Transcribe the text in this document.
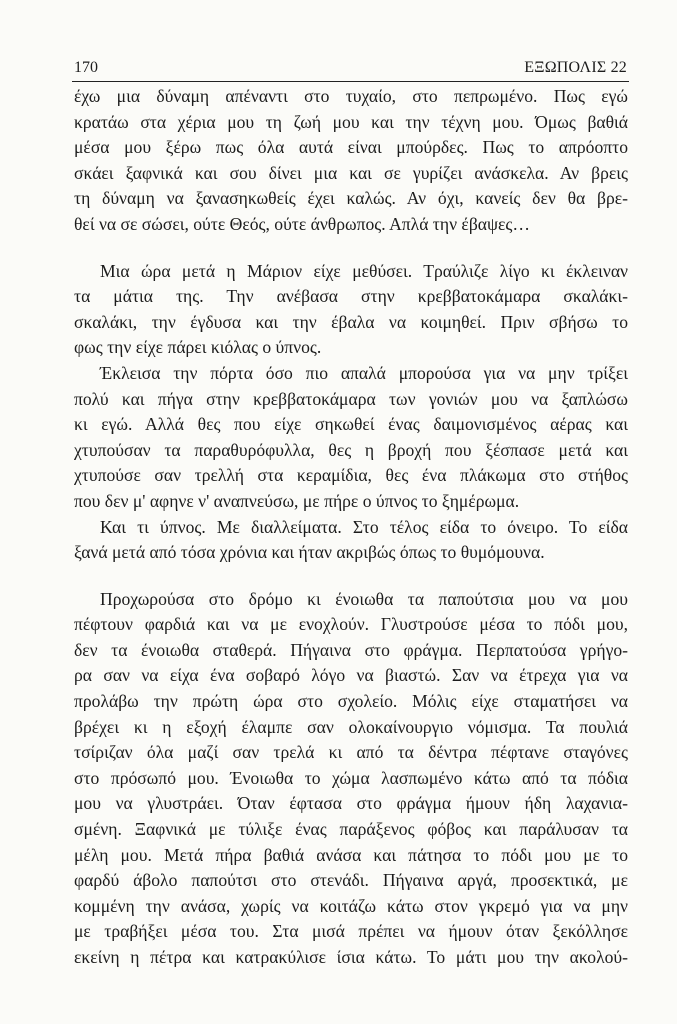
170	ΕΞΩΠΟΛΙΣ 22
έχω μια δύναμη απέναντι στο τυχαίο, στο πεπρωμένο. Πως εγώ
κρατάω στα χέρια μου τη ζωή μου και την τέχνη μου. Όμως βαθιά
μέσα μου ξέρω πως όλα αυτά είναι μπούρδες. Πως το απρόοπτο
σκάει ξαφνικά και σου δίνει μια και σε γυρίζει ανάσκελα. Αν βρεις
τη δύναμη να ξανασηκωθείς έχει καλώς. Αν όχι, κανείς δεν θα βρε-
θεί να σε σώσει, ούτε Θεός, ούτε άνθρωπος. Απλά την έβαψες…
Μια ώρα μετά η Μάριον είχε μεθύσει. Τραύλιζε λίγο κι έκλειναν
τα μάτια της. Την ανέβασα στην κρεββατοκάμαρα σκαλάκι-
σκαλάκι, την έγδυσα και την έβαλα να κοιμηθεί. Πριν σβήσω το
φως την είχε πάρει κιόλας ο ύπνος.
Έκλεισα την πόρτα όσο πιο απαλά μπορούσα για να μην τρίξει
πολύ και πήγα στην κρεββατοκάμαρα των γονιών μου να ξαπλώσω
κι εγώ. Αλλά θες που είχε σηκωθεί ένας δαιμονισμένος αέρας και
χτυπούσαν τα παραθυρόφυλλα, θες η βροχή που ξέσπασε μετά και
χτυπούσε σαν τρελλή στα κεραμίδια, θες ένα πλάκωμα στο στήθος
που δεν μ' αφηνε ν' αναπνεύσω, με πήρε ο ύπνος το ξημέρωμα.
Και τι ύπνος. Με διαλλείματα. Στο τέλος είδα το όνειρο. Το είδα
ξανά μετά από τόσα χρόνια και ήταν ακριβώς όπως το θυμόμουνα.
Προχωρούσα στο δρόμο κι ένοιωθα τα παπούτσια μου να μου
πέφτουν φαρδιά και να με ενοχλούν. Γλυστρούσε μέσα το πόδι μου,
δεν τα ένοιωθα σταθερά. Πήγαινα στο φράγμα. Περπατούσα γρήγο-
ρα σαν να είχα ένα σοβαρό λόγο να βιαστώ. Σαν να έτρεχα για να
προλάβω την πρώτη ώρα στο σχολείο. Μόλις είχε σταματήσει να
βρέχει κι η εξοχή έλαμπε σαν ολοκαίνουργιο νόμισμα. Τα πουλιά
τσίριζαν όλα μαζί σαν τρελά κι από τα δέντρα πέφτανε σταγόνες
στο πρόσωπό μου. Ένοιωθα το χώμα λασπωμένο κάτω από τα πόδια
μου να γλυστράει. Όταν έφτασα στο φράγμα ήμουν ήδη λαχανια-
σμένη. Ξαφνικά με τύλιξε ένας παράξενος φόβος και παράλυσαν τα
μέλη μου. Μετά πήρα βαθιά ανάσα και πάτησα το πόδι μου με το
φαρδύ άβολο παπούτσι στο στενάδι. Πήγαινα αργά, προσεκτικά, με
κομμένη την ανάσα, χωρίς να κοιτάζω κάτω στον γκρεμό για να μην
με τραβήξει μέσα του. Στα μισά πρέπει να ήμουν όταν ξεκόλλησε
εκείνη η πέτρα και κατρακύλισε ίσια κάτω. Το μάτι μου την ακολού-
